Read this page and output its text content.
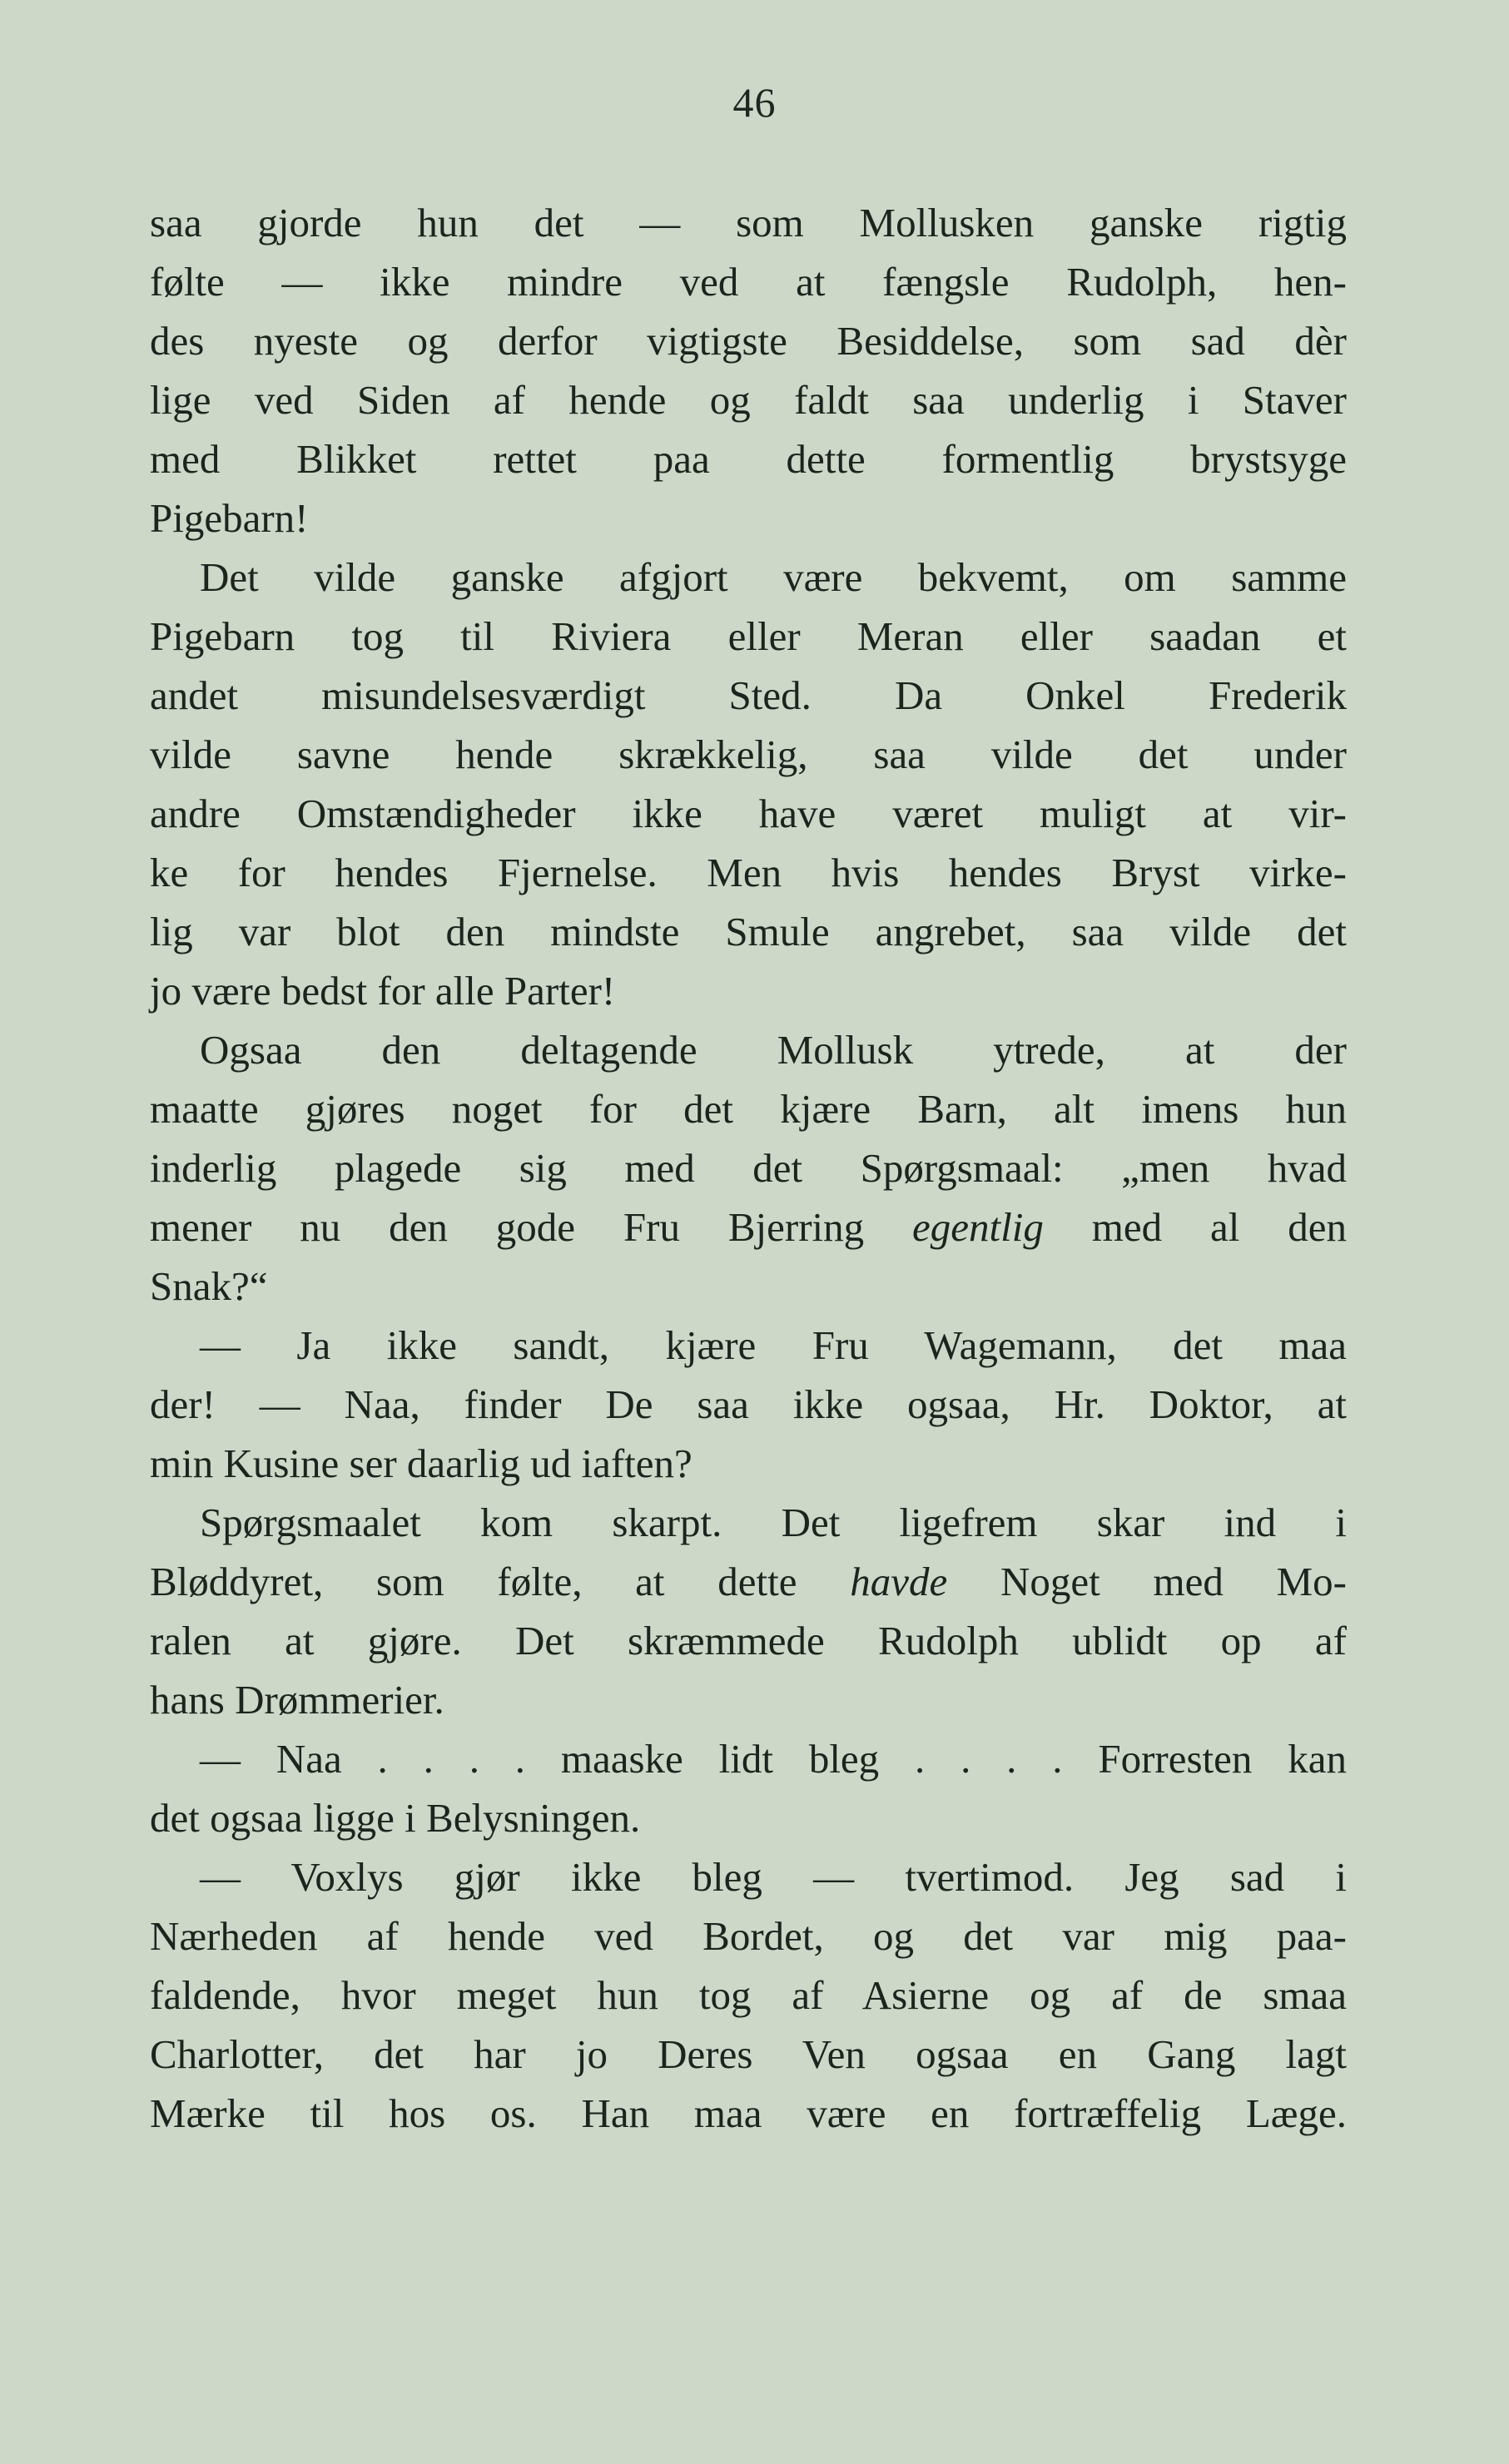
46
saa gjorde hun det — som Mollusken ganske rigtig
følte — ikke mindre ved at fængsle Rudolph, hen-
des nyeste og derfor vigtigste Besiddelse, som sad dèr
lige ved Siden af hende og faldt saa underlig i Staver
med Blikket rettet paa dette formentlig brystsyge
Pigebarn!
Det vilde ganske afgjort være bekvemt, om samme
Pigebarn tog til Riviera eller Meran eller saadan et
andet misundelsesværdigt Sted. Da Onkel Frederik
vilde savne hende skrækkelig, saa vilde det under
andre Omstændigheder ikke have været muligt at vir-
ke for hendes Fjernelse. Men hvis hendes Bryst virke-
lig var blot den mindste Smule angrebet, saa vilde det
jo være bedst for alle Parter!
Ogsaa den deltagende Mollusk ytrede, at der
maatte gjøres noget for det kjære Barn, alt imens hun
inderlig plagede sig med det Spørgsmaal: „men hvad
mener nu den gode Fru Bjerring egentlig med al den
Snak?“
— Ja ikke sandt, kjære Fru Wagemann, det maa
der! — Naa, finder De saa ikke ogsaa, Hr. Doktor, at
min Kusine ser daarlig ud iaften?
Spørgsmaalet kom skarpt. Det ligefrem skar ind i
Bløddyret, som følte, at dette havde Noget med Mo-
ralen at gjøre. Det skræmmede Rudolph ublidt op af
hans Drømmerier.
— Naa . . . . maaske lidt bleg . . . . Forresten kan
det ogsaa ligge i Belysningen.
— Voxlys gjør ikke bleg — tvertimod. Jeg sad i
Nærheden af hende ved Bordet, og det var mig paa-
faldende, hvor meget hun tog af Asierne og af de smaa
Charlotter, det har jo Deres Ven ogsaa en Gang lagt
Mærke til hos os. Han maa være en fortræffelig Læge.
